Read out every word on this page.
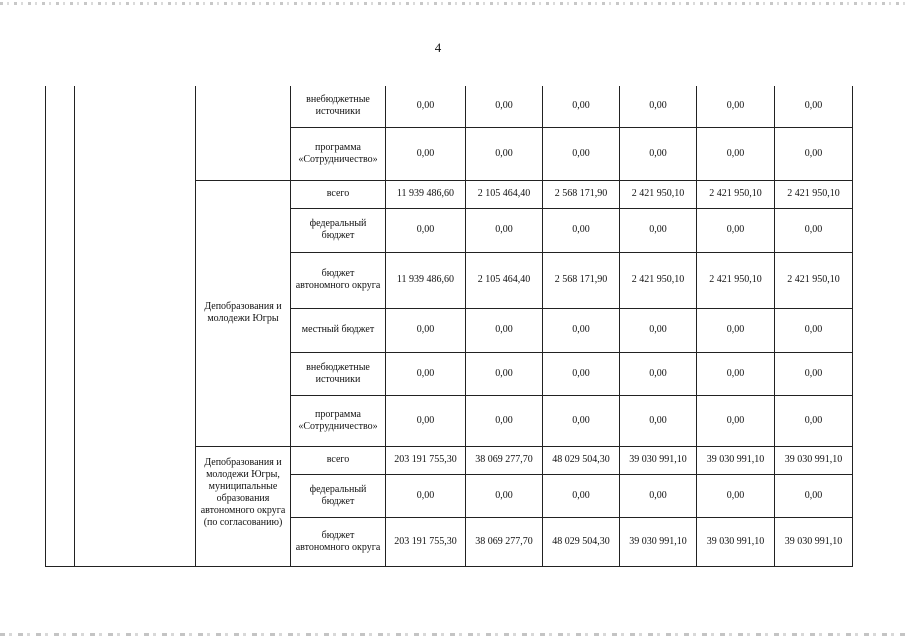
4
			внебюджетные источники	0,00	0,00	0,00	0,00	0,00	0,00
			программа «Сотрудничество»	0,00	0,00	0,00	0,00	0,00	0,00
		Депобразования и молодежи Югры	всего	11 939 486,60	2 105 464,40	2 568 171,90	2 421 950,10	2 421 950,10	2 421 950,10
			федеральный бюджет	0,00	0,00	0,00	0,00	0,00	0,00
			бюджет автономного округа	11 939 486,60	2 105 464,40	2 568 171,90	2 421 950,10	2 421 950,10	2 421 950,10
			местный бюджет	0,00	0,00	0,00	0,00	0,00	0,00
			внебюджетные источники	0,00	0,00	0,00	0,00	0,00	0,00
			программа «Сотрудничество»	0,00	0,00	0,00	0,00	0,00	0,00
		Депобразования и молодежи Югры, муниципальные образования автономного округа (по согласованию)	всего	203 191 755,30	38 069 277,70	48 029 504,30	39 030 991,10	39 030 991,10	39 030 991,10
			федеральный бюджет	0,00	0,00	0,00	0,00	0,00	0,00
			бюджет автономного округа	203 191 755,30	38 069 277,70	48 029 504,30	39 030 991,10	39 030 991,10	39 030 991,10
